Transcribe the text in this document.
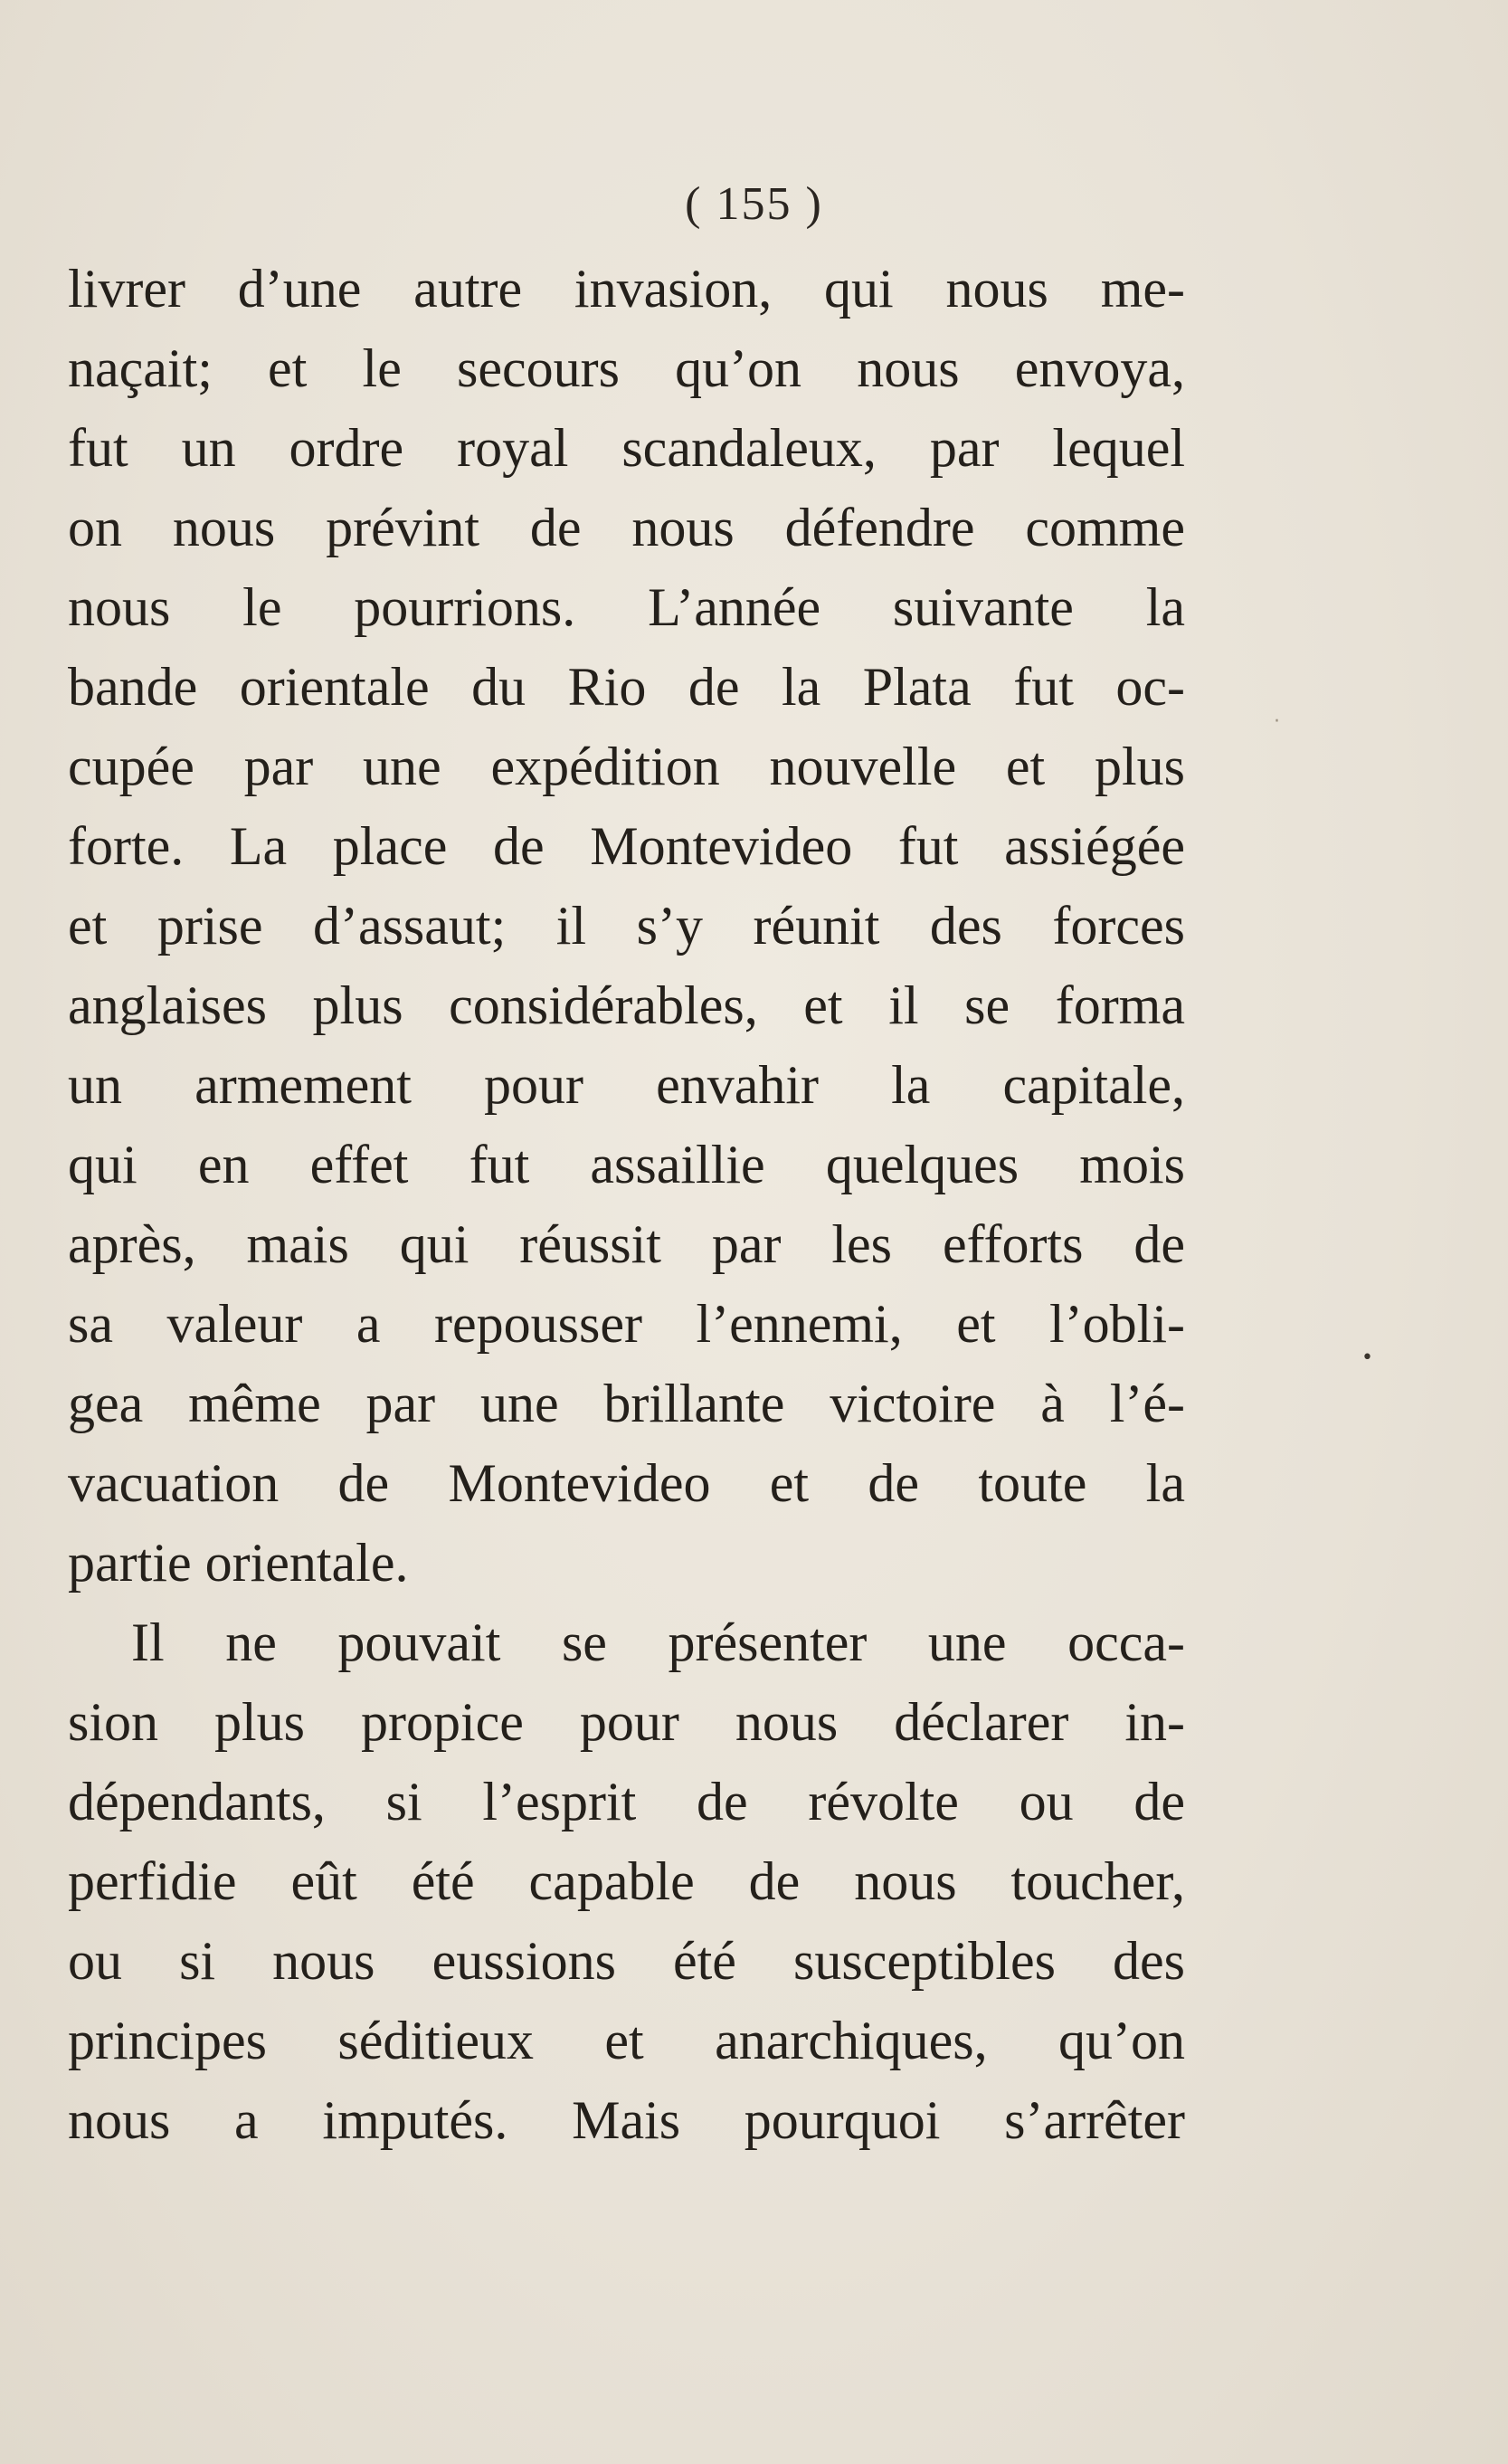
( 155 )
livrer d’une autre invasion, qui nous me-
naçait; et le secours qu’on nous envoya,
fut un ordre royal scandaleux, par lequel
on nous prévint de nous défendre comme
nous le pourrions. L’année suivante la
bande orientale du Rio de la Plata fut oc-
cupée par une expédition nouvelle et plus
forte. La place de Montevideo fut assiégée
et prise d’assaut; il s’y réunit des forces
anglaises plus considérables, et il se forma
un armement pour envahir la capitale,
qui en effet fut assaillie quelques mois
après, mais qui réussit par les efforts de
sa valeur a repousser l’ennemi, et l’obli-
gea même par une brillante victoire à l’é-
vacuation de Montevideo et de toute la
partie orientale.
Il ne pouvait se présenter une occa-
sion plus propice pour nous déclarer in-
dépendants, si l’esprit de révolte ou de
perfidie eût été capable de nous toucher,
ou si nous eussions été susceptibles des
principes séditieux et anarchiques, qu’on
nous a imputés. Mais pourquoi s’arrêter
•
·
